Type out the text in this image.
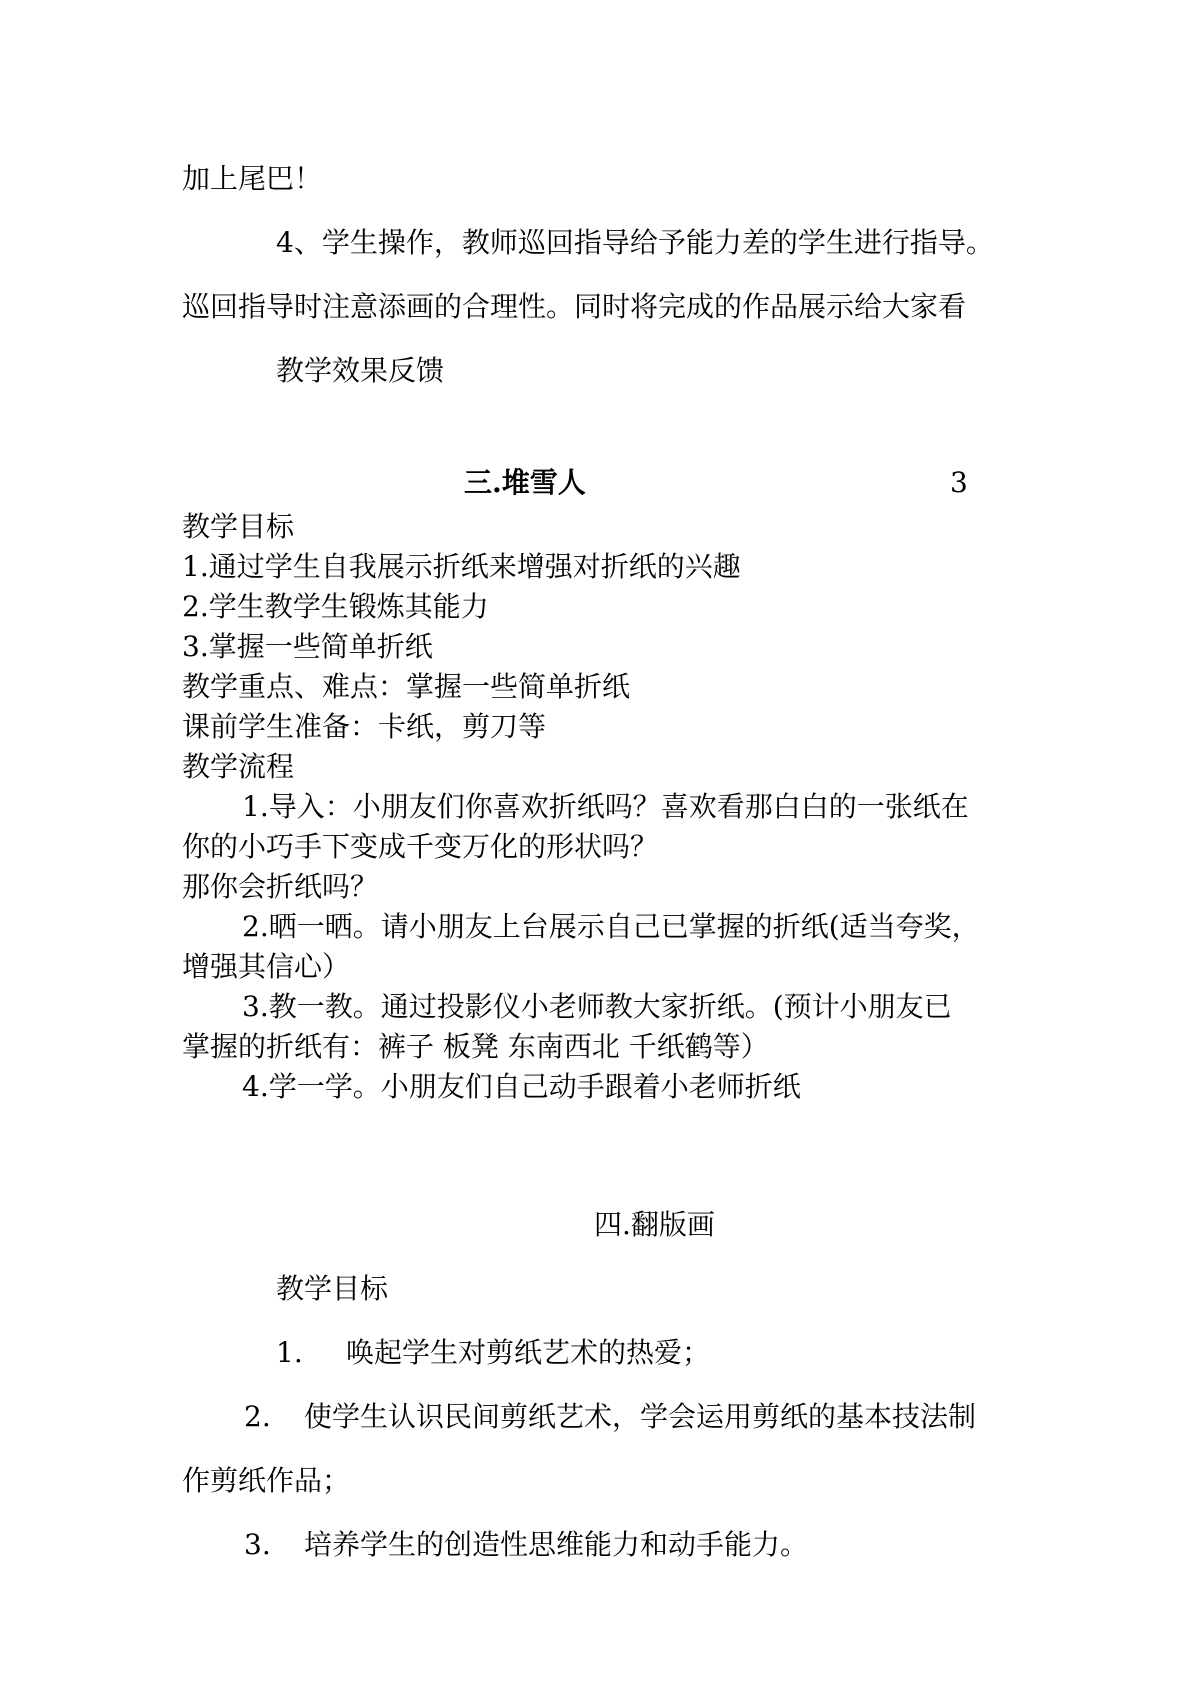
加上尾巴！
4、学生操作，教师巡回指导给予能力差的学生进行指导。
巡回指导时注意添画的合理性。同时将完成的作品展示给大家看
教学效果反馈
三.堆雪人	3
教学目标
1.通过学生自我展示折纸来增强对折纸的兴趣
2.学生教学生锻炼其能力
3.掌握一些简单折纸
教学重点、难点：掌握一些简单折纸
课前学生准备：卡纸，剪刀等
教学流程
1.导入：小朋友们你喜欢折纸吗？喜欢看那白白的一张纸在
你的小巧手下变成千变万化的形状吗？
那你会折纸吗？
2.晒一晒。请小朋友上台展示自己已掌握的折纸(适当夸奖，
增强其信心）
3.教一教。通过投影仪小老师教大家折纸。(预计小朋友已
掌握的折纸有：裤子 板凳 东南西北 千纸鹤等）
4.学一学。小朋友们自己动手跟着小老师折纸
四.翻版画
教学目标
1. 唤起学生对剪纸艺术的热爱；
2. 使学生认识民间剪纸艺术，学会运用剪纸的基本技法制
作剪纸作品；
3. 培养学生的创造性思维能力和动手能力。
